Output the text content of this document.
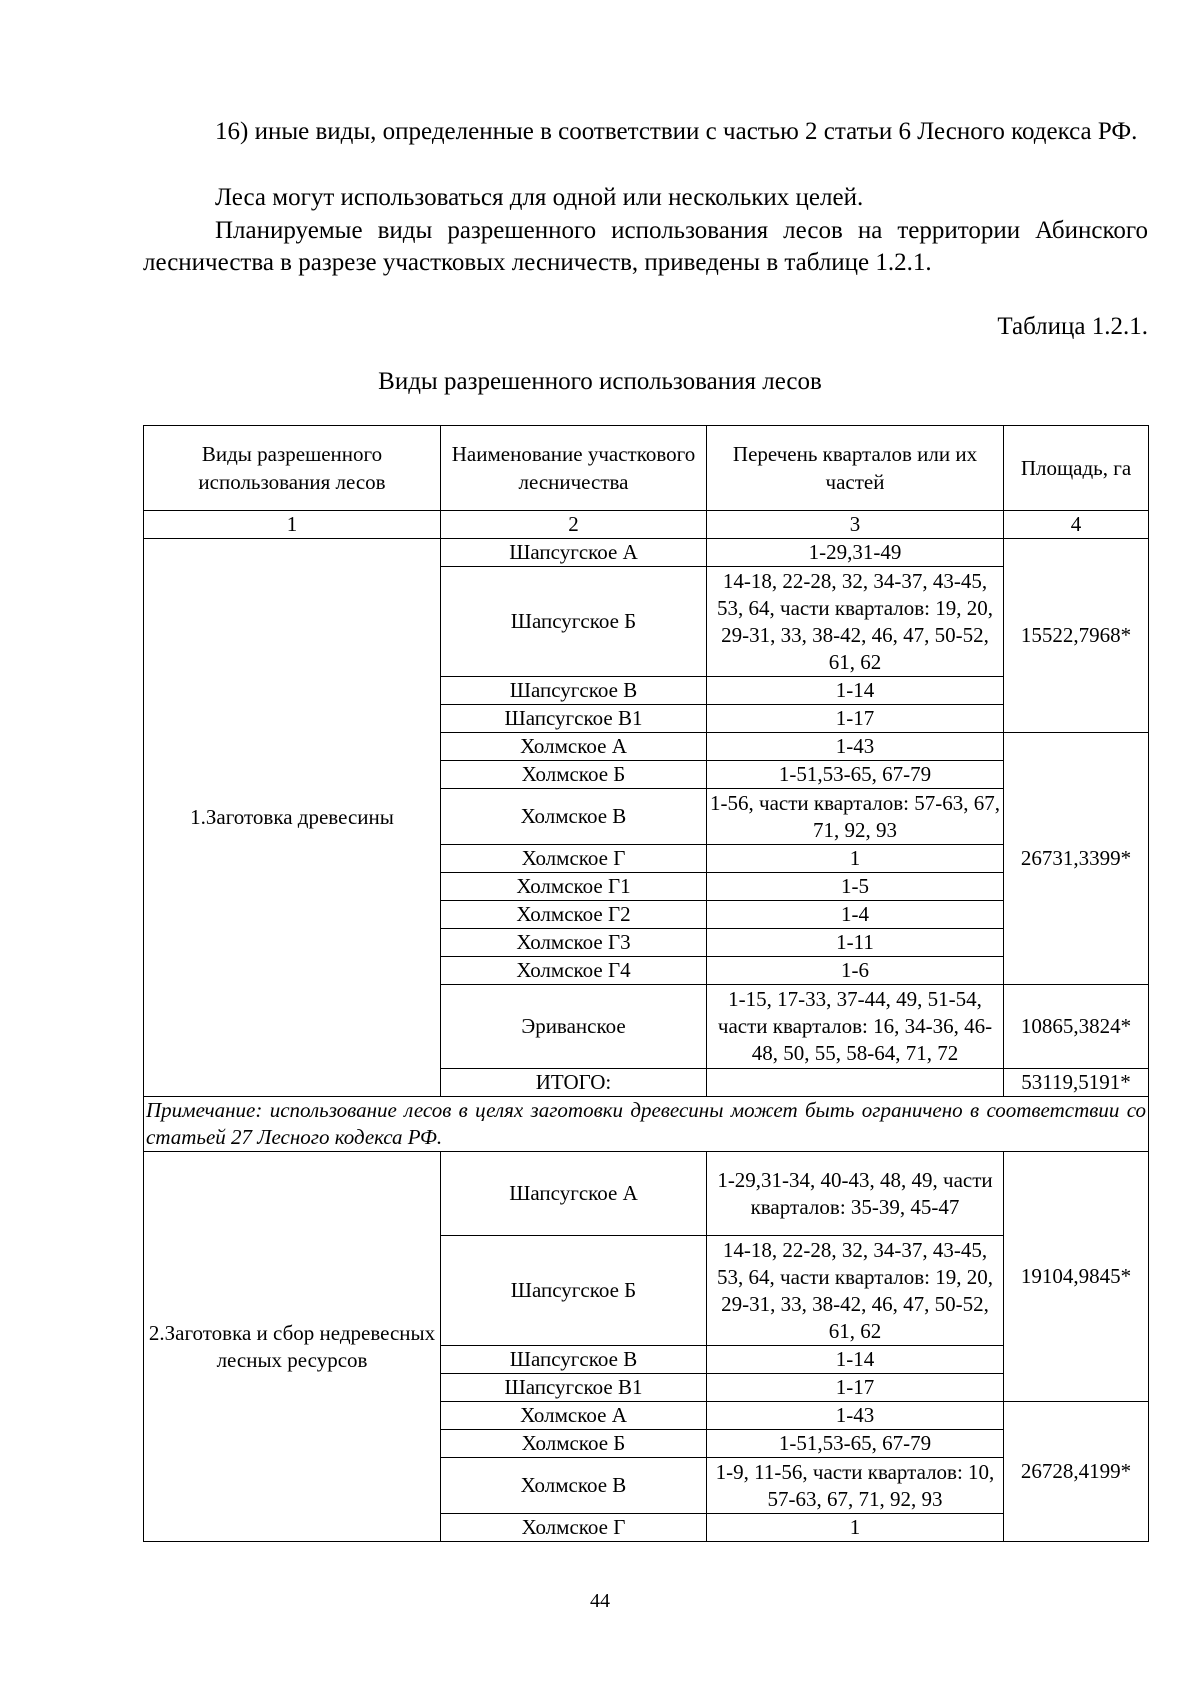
16) иные виды, определенные в соответствии с частью 2 статьи 6 Лесного кодекса РФ.

Леса могут использоваться для одной или нескольких целей.

Планируемые виды разрешенного использования лесов на территории Абинского лесничества в разрезе участковых лесничеств, приведены в таблице 1.2.1.

Таблица 1.2.1.

Виды разрешенного использования лесов

Виды разрешенного использования лесов	Наименование участкового лесничества	Перечень кварталов или их частей	Площадь, га
1	2	3	4
1.Заготовка древесины	Шапсугское А	1-29,31-49	15522,7968*
	Шапсугское Б	14-18, 22-28, 32, 34-37, 43-45, 53, 64, части кварталов: 19, 20, 29-31, 33, 38-42, 46, 47, 50-52, 61, 62	
	Шапсугское В	1-14	
	Шапсугское В1	1-17	
	Холмское А	1-43	26731,3399*
	Холмское Б	1-51,53-65, 67-79	
	Холмское В	1-56, части кварталов: 57-63, 67, 71, 92, 93	
	Холмское Г	1	
	Холмское Г1	1-5	
	Холмское Г2	1-4	
	Холмское Г3	1-11	
	Холмское Г4	1-6	
	Эриванское	1-15, 17-33, 37-44, 49, 51-54, части кварталов: 16, 34-36, 46-48, 50, 55, 58-64, 71, 72	10865,3824*
	ИТОГО:		53119,5191*
Примечание: использование лесов в целях заготовки древесины может быть ограничено в соответствии со статьей 27 Лесного кодекса РФ.			
2.Заготовка и сбор недревесных лесных ресурсов	Шапсугское А	1-29,31-34, 40-43, 48, 49, части кварталов: 35-39, 45-47	19104,9845*
	Шапсугское Б	14-18, 22-28, 32, 34-37, 43-45, 53, 64, части кварталов: 19, 20, 29-31, 33, 38-42, 46, 47, 50-52, 61, 62	
	Шапсугское В	1-14	
	Шапсугское В1	1-17	
	Холмское А	1-43	26728,4199*
	Холмское Б	1-51,53-65, 67-79	
	Холмское В	1-9, 11-56, части кварталов: 10, 57-63, 67, 71, 92, 93	
	Холмское Г	1	

44
